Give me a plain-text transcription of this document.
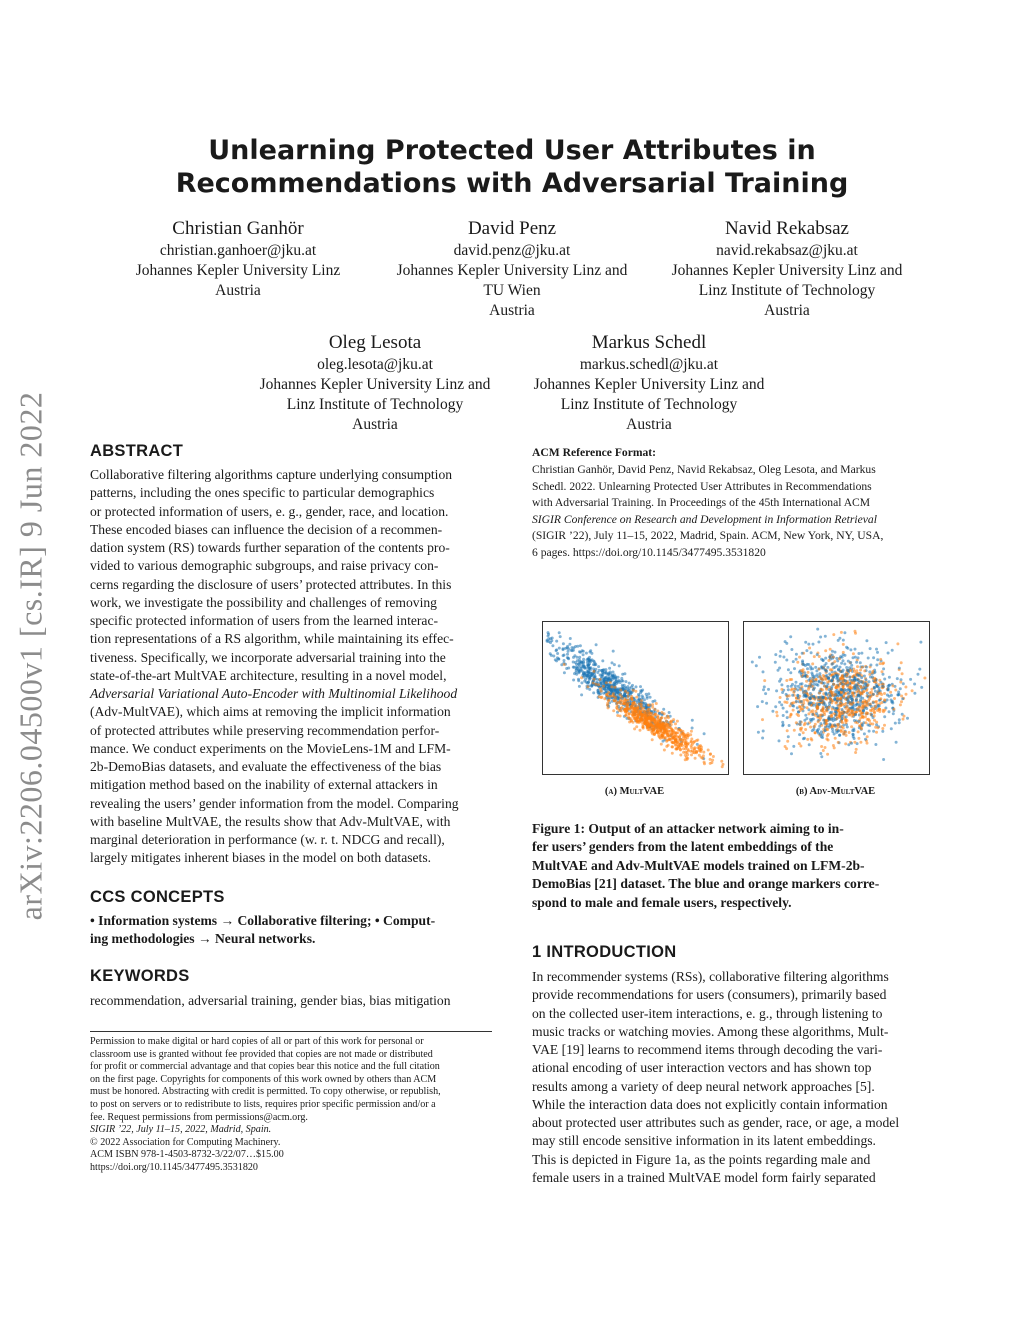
arXiv:2206.04500v1 [cs.IR] 9 Jun 2022
Unlearning Protected User Attributes in Recommendations with Adversarial Training
Christian Ganhör
christian.ganhoer@jku.at
Johannes Kepler University Linz
Austria
David Penz
david.penz@jku.at
Johannes Kepler University Linz and
TU Wien
Austria
Navid Rekabsaz
navid.rekabsaz@jku.at
Johannes Kepler University Linz and
Linz Institute of Technology
Austria
Oleg Lesota
oleg.lesota@jku.at
Johannes Kepler University Linz and
Linz Institute of Technology
Austria
Markus Schedl
markus.schedl@jku.at
Johannes Kepler University Linz and
Linz Institute of Technology
Austria
ABSTRACT

Collaborative filtering algorithms capture underlying consumption

patterns, including the ones specific to particular demographics

or protected information of users, e. g., gender, race, and location.

These encoded biases can influence the decision of a recommen-

dation system (RS) towards further separation of the contents pro-

vided to various demographic subgroups, and raise privacy con-

cerns regarding the disclosure of users’ protected attributes. In this

work, we investigate the possibility and challenges of removing

specific protected information of users from the learned interac-

tion representations of a RS algorithm, while maintaining its effec-

tiveness. Specifically, we incorporate adversarial training into the

state-of-the-art MultVAE architecture, resulting in a novel model,

Adversarial Variational Auto-Encoder with Multinomial Likelihood

(Adv-MultVAE), which aims at removing the implicit information

of protected attributes while preserving recommendation perfor-

mance. We conduct experiments on the MovieLens-1M and LFM-

2b-DemoBias datasets, and evaluate the effectiveness of the bias

mitigation method based on the inability of external attackers in

revealing the users’ gender information from the model. Comparing

with baseline MultVAE, the results show that Adv-MultVAE, with

marginal deterioration in performance (w. r. t. NDCG and recall),

largely mitigates inherent biases in the model on both datasets.

CCS CONCEPTS

• Information systems → Collaborative filtering; • Comput-

ing methodologies → Neural networks.

KEYWORDS
recommendation, adversarial training, gender bias, bias mitigation

Permission to make digital or hard copies of all or part of this work for personal or

classroom use is granted without fee provided that copies are not made or distributed

for profit or commercial advantage and that copies bear this notice and the full citation

on the first page. Copyrights for components of this work owned by others than ACM

must be honored. Abstracting with credit is permitted. To copy otherwise, or republish,

to post on servers or to redistribute to lists, requires prior specific permission and/or a

fee. Request permissions from permissions@acm.org.

SIGIR ’22, July 11–15, 2022, Madrid, Spain.

© 2022 Association for Computing Machinery.

ACM ISBN 978-1-4503-8732-3/22/07…$15.00

https://doi.org/10.1145/3477495.3531820

ACM Reference Format:

Christian Ganhör, David Penz, Navid Rekabsaz, Oleg Lesota, and Markus

Schedl. 2022. Unlearning Protected User Attributes in Recommendations

with Adversarial Training. In Proceedings of the 45th International ACM

SIGIR Conference on Research and Development in Information Retrieval

(SIGIR ’22), July 11–15, 2022, Madrid, Spain. ACM, New York, NY, USA,

6 pages. https://doi.org/10.1145/3477495.3531820

(a) MultVAE	(b) Adv-MultVAE

Figure 1: Output of an attacker network aiming to in-

fer users’ genders from the latent embeddings of the

MultVAE and Adv-MultVAE models trained on LFM-2b-

DemoBias [21] dataset. The blue and orange markers corre-

spond to male and female users, respectively.

1 INTRODUCTION

In recommender systems (RSs), collaborative filtering algorithms

provide recommendations for users (consumers), primarily based

on the collected user-item interactions, e. g., through listening to

music tracks or watching movies. Among these algorithms, Mult-

VAE [19] learns to recommend items through decoding the vari-

ational encoding of user interaction vectors and has shown top

results among a variety of deep neural network approaches [5].

While the interaction data does not explicitly contain information

about protected user attributes such as gender, race, or age, a model

may still encode sensitive information in its latent embeddings.

This is depicted in Figure 1a, as the points regarding male and

female users in a trained MultVAE model form fairly separated
